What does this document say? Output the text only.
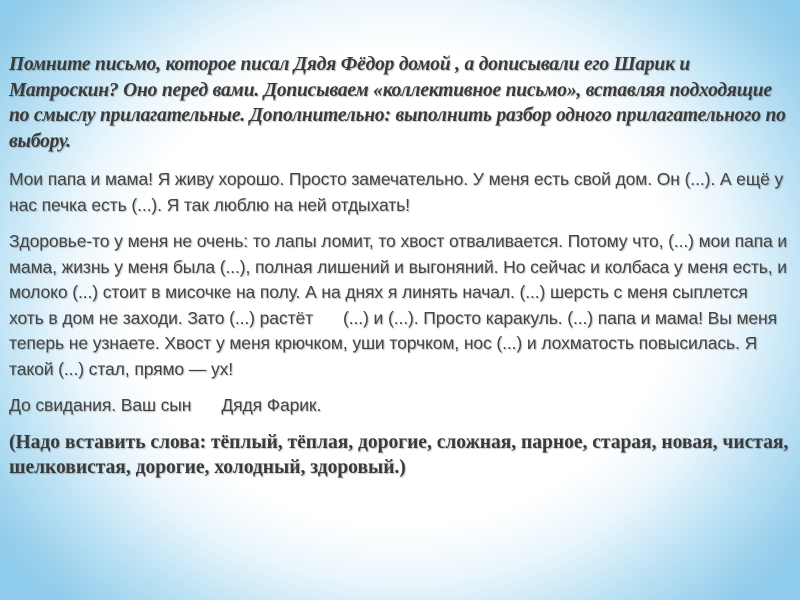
Помните письмо, которое писал Дядя Фёдор домой , а дописывали его Шарик и Матроскин? Оно перед вами. Дописываем «коллективное письмо», вставляя подходящие по смыслу прилагательные. Дополнительно: выполнить разбор одного прилагательного по выбору.

Мои папа и мама! Я живу хорошо. Просто замечательно. У меня есть свой дом. Он (...). А ещё у нас печка есть (...). Я так люблю на ней отдыхать!

Здоровье-то у меня не очень: то лапы ломит, то хвост отваливается. Потому что, (...) мои папа и мама, жизнь у меня была (...), полная лишений и выгоняний. Но сейчас и колбаса у меня есть, и молоко (...) стоит в мисочке на полу. А на днях я линять начал. (...) шерсть с меня сыплетсяхоть в дом не заходи. Зато (...) растёт (...) и (...). Просто каракуль. (...) папа и мама! Вы меня теперь не узнаете. Хвост у меня крючком, уши торчком, нос (...) и лохматость повысилась. Я такой (...) стал, прямо — ух!

До свидания. Ваш сын Дядя Фарик.

(Надо вставить слова: тёплый, тёплая, дорогие, сложная, парное, старая, новая, чистая, шелковистая, дорогие, холодный, здоровый.)
